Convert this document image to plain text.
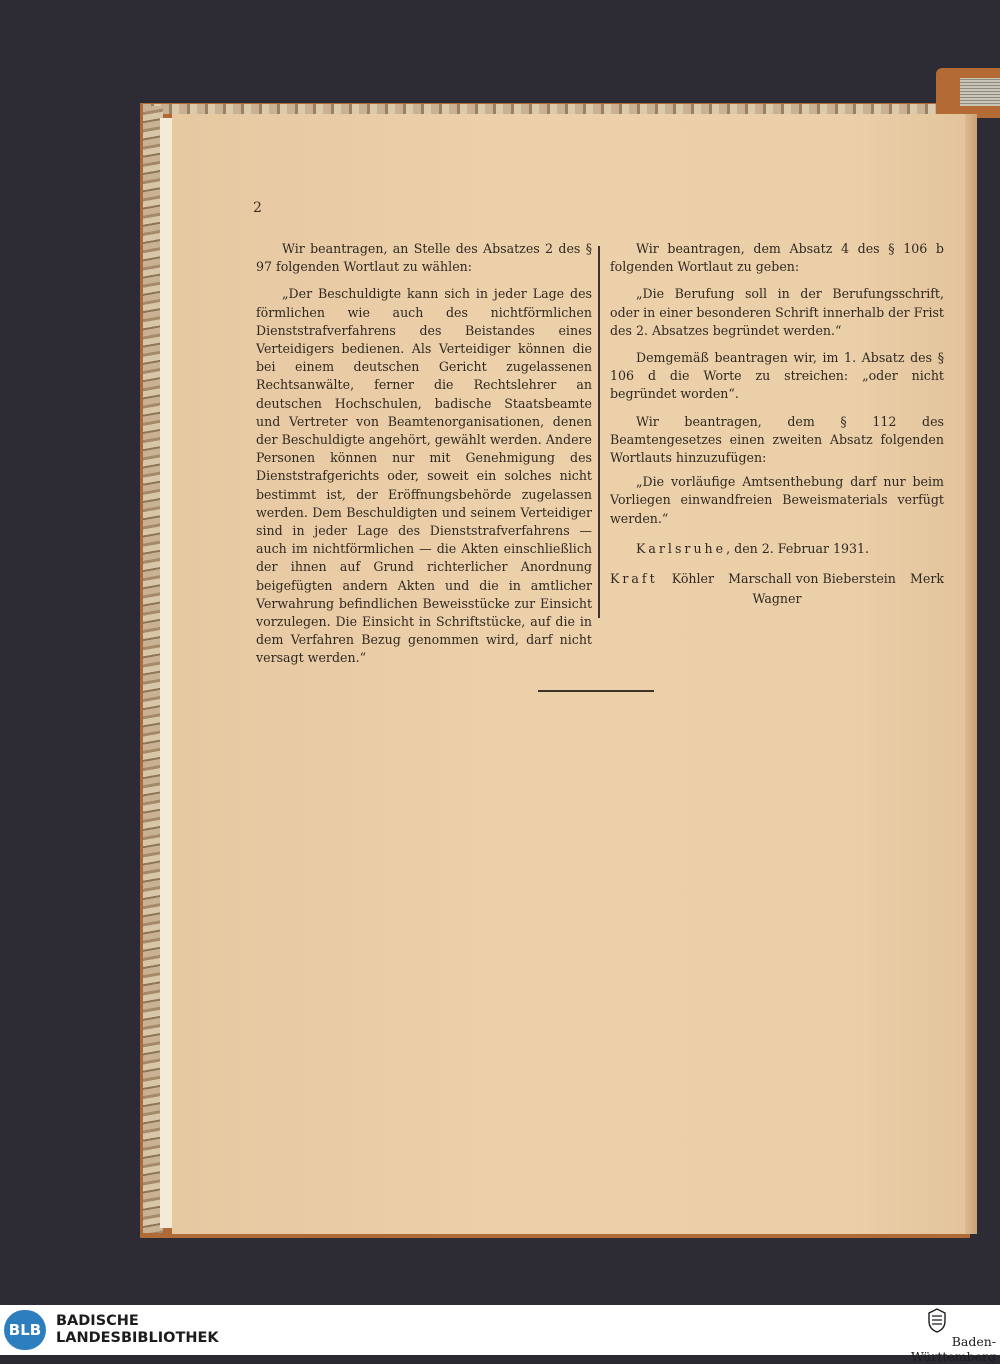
2

Wir beantragen, an Stelle des Absatzes 2 des § 97 folgenden Wortlaut zu wählen:

„Der Beschuldigte kann sich in jeder Lage des förmlichen wie auch des nichtförmlichen Dienststrafverfahrens des Beistandes eines Verteidigers bedienen. Als Verteidiger können die bei einem deutschen Gericht zugelassenen Rechtsanwälte, ferner die Rechtslehrer an deutschen Hochschulen, badische Staatsbeamte und Vertreter von Beamtenorganisationen, denen der Beschuldigte angehört, gewählt werden. Andere Personen können nur mit Genehmigung des Dienststrafgerichts oder, soweit ein solches nicht bestimmt ist, der Eröffnungsbehörde zugelassen werden. Dem Beschuldigten und seinem Verteidiger sind in jeder Lage des Dienststrafverfahrens — auch im nichtförmlichen — die Akten einschließlich der ihnen auf Grund richterlicher Anordnung beigefügten andern Akten und die in amtlicher Verwahrung befindlichen Beweisstücke zur Einsicht vorzulegen. Die Einsicht in Schriftstücke, auf die in dem Verfahren Bezug genommen wird, darf nicht versagt werden.“

Wir beantragen, dem Absatz 4 des § 106 b folgenden Wortlaut zu geben:

„Die Berufung soll in der Berufungsschrift, oder in einer besonderen Schrift innerhalb der Frist des 2. Absatzes begründet werden.“

Demgemäß beantragen wir, im 1. Absatz des § 106 d die Worte zu streichen: „oder nicht begründet worden“.

Wir beantragen, dem § 112 des Beamtengesetzes einen zweiten Absatz folgenden Wortlauts hinzuzufügen:

„Die vorläufige Amtsenthebung darf nur beim Vorliegen einwandfreien Beweismaterials verfügt werden.“

Karlsruhe, den 2. Februar 1931.

Kraft Köhler Marschall von Bieberstein Merk

Wagner

BLB	BADISCHE
LANDESBIBLIOTHEK	Baden-Württemberg
